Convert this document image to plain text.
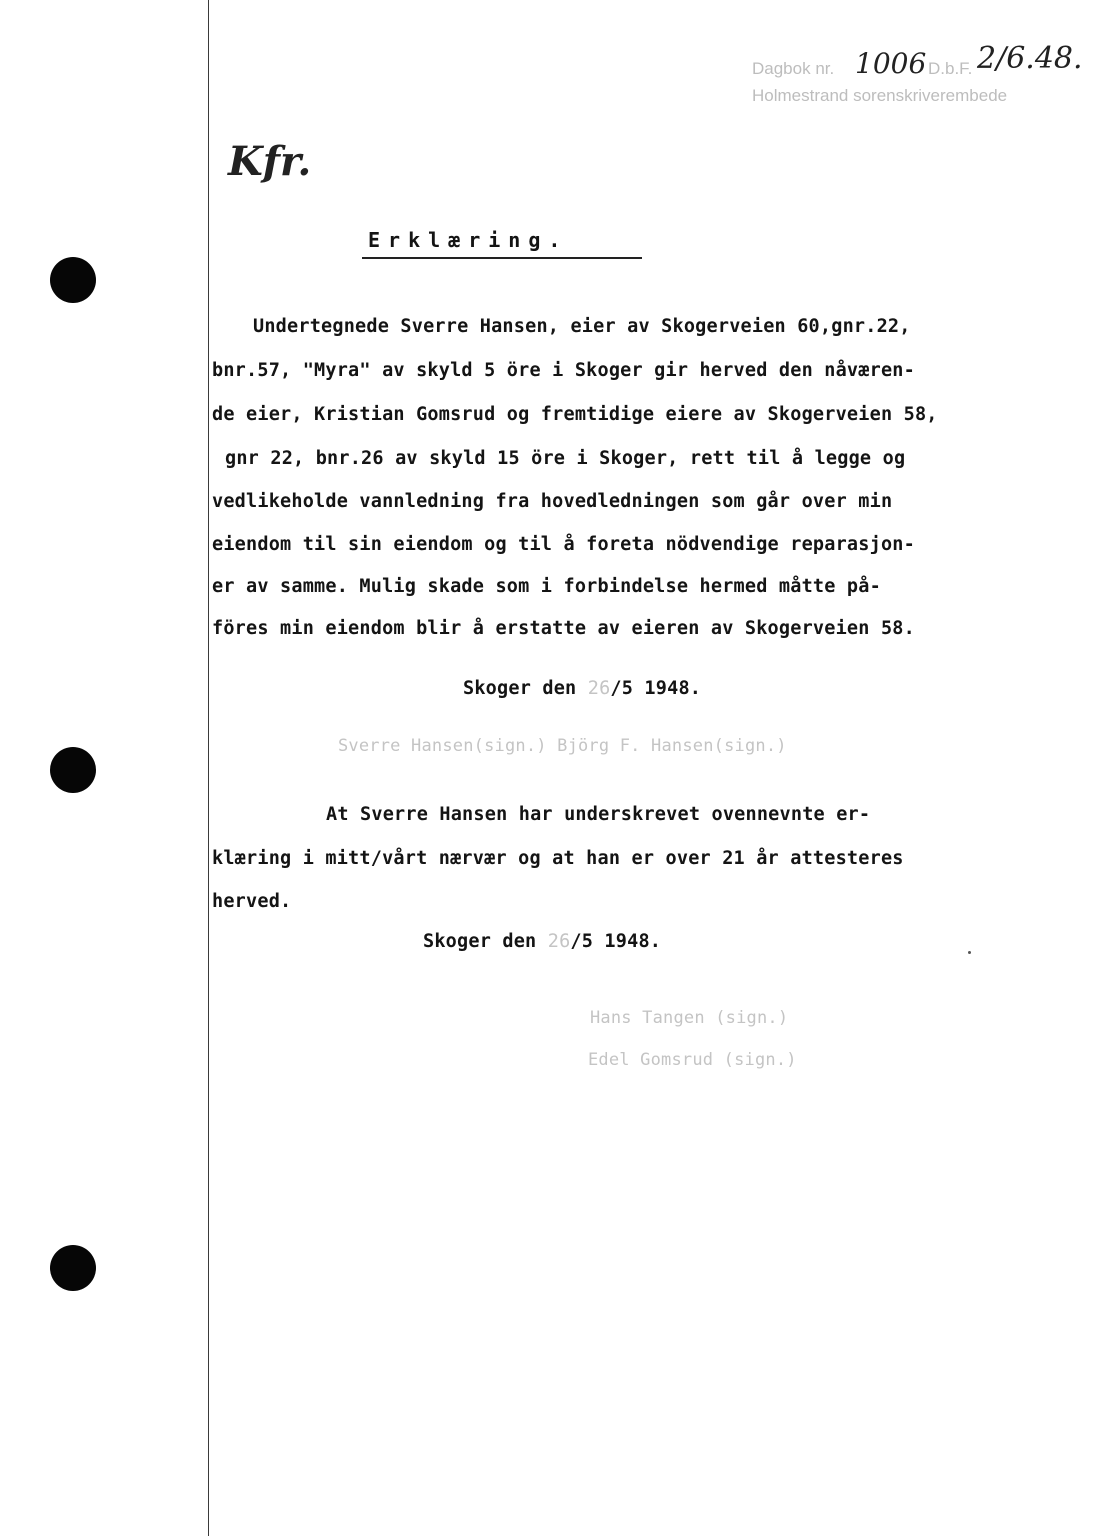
Dagbok nr. 1006 D.b.F. 2/6.48.
Holmestrand sorenskriverembede
Kfr.
Erklæring.
Undertegnede Sverre Hansen, eier av Skogerveien 60,gnr.22,
bnr.57, "Myra" av skyld 5 öre i Skoger gir herved den nåværen-
de eier, Kristian Gomsrud og fremtidige eiere av Skogerveien 58,
gnr 22, bnr.26 av skyld 15 öre i Skoger, rett til å legge og
vedlikeholde vannledning fra hovedledningen som går over min
eiendom til sin eiendom og til å foreta nödvendige reparasjon-
er av samme. Mulig skade som i forbindelse hermed måtte på-
föres min eiendom blir å erstatte av eieren av Skogerveien 58.
Skoger den 26/5 1948.
Sverre Hansen(sign.) Björg F. Hansen(sign.)
At Sverre Hansen har underskrevet ovennevnte er-
klæring i mitt/vårt nærvær og at han er over 21 år attesteres
herved.
Skoger den 26/5 1948.
Hans Tangen (sign.)
Edel Gomsrud (sign.)
